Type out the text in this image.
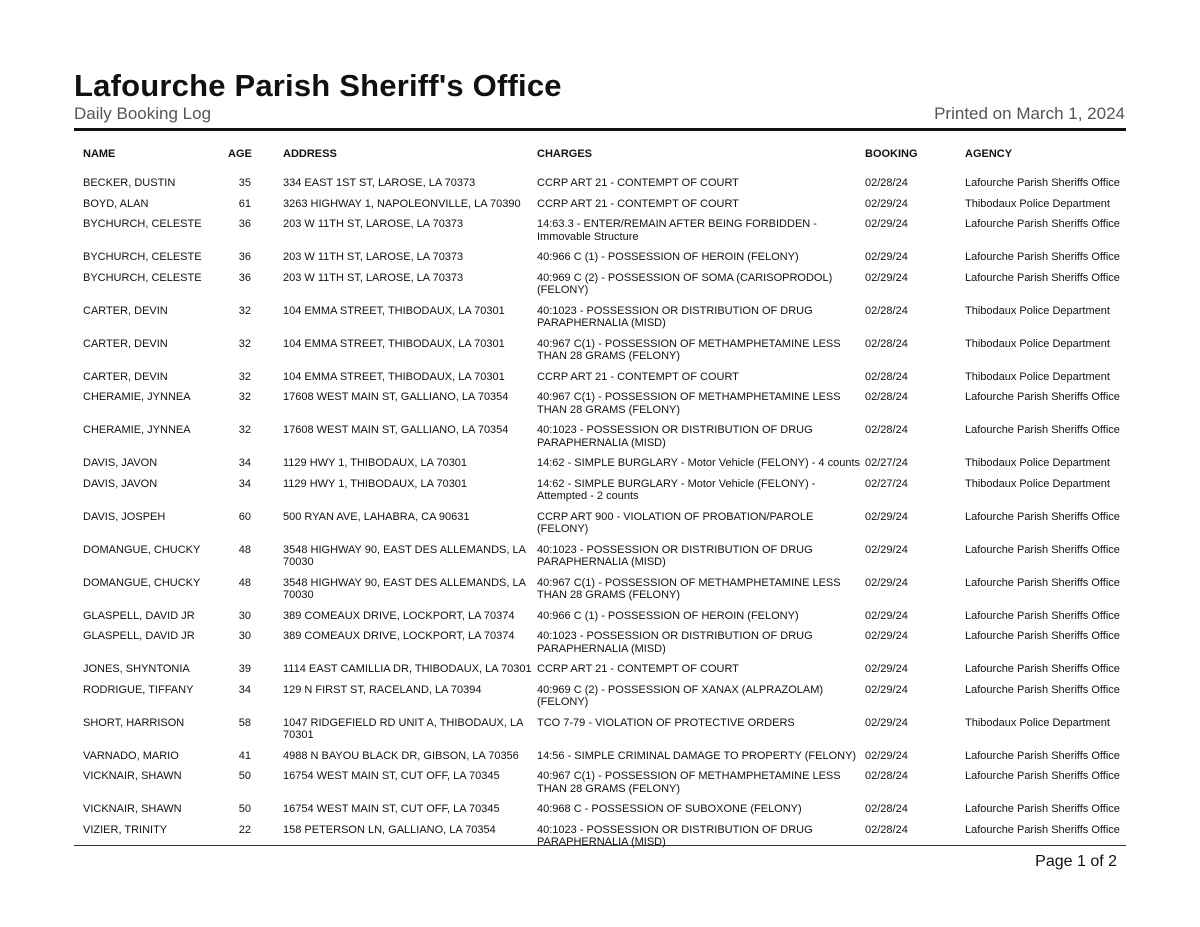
Lafourche Parish Sheriff's Office
Daily Booking Log	Printed on March 1, 2024
NAME	AGE	ADDRESS	CHARGES	BOOKING	AGENCY
BECKER, DUSTIN	35	334 EAST 1ST ST, LAROSE, LA 70373	CCRP ART 21 - CONTEMPT OF COURT	02/28/24	Lafourche Parish Sheriffs Office
BOYD, ALAN	61	3263 HIGHWAY 1, NAPOLEONVILLE, LA 70390	CCRP ART 21 - CONTEMPT OF COURT	02/29/24	Thibodaux Police Department
BYCHURCH, CELESTE	36	203 W 11TH ST, LAROSE, LA 70373	14:63.3 - ENTER/REMAIN AFTER BEING FORBIDDEN - Immovable Structure	02/29/24	Lafourche Parish Sheriffs Office
BYCHURCH, CELESTE	36	203 W 11TH ST, LAROSE, LA 70373	40:966 C (1) - POSSESSION OF HEROIN (FELONY)	02/29/24	Lafourche Parish Sheriffs Office
BYCHURCH, CELESTE	36	203 W 11TH ST, LAROSE, LA 70373	40:969 C (2) - POSSESSION OF SOMA (CARISOPRODOL) (FELONY)	02/29/24	Lafourche Parish Sheriffs Office
CARTER, DEVIN	32	104 EMMA STREET, THIBODAUX, LA 70301	40:1023 - POSSESSION OR DISTRIBUTION OF DRUG PARAPHERNALIA (MISD)	02/28/24	Thibodaux Police Department
CARTER, DEVIN	32	104 EMMA STREET, THIBODAUX, LA 70301	40:967 C(1) - POSSESSION OF METHAMPHETAMINE LESS THAN 28 GRAMS (FELONY)	02/28/24	Thibodaux Police Department
CARTER, DEVIN	32	104 EMMA STREET, THIBODAUX, LA 70301	CCRP ART 21 - CONTEMPT OF COURT	02/28/24	Thibodaux Police Department
CHERAMIE, JYNNEA	32	17608 WEST MAIN ST, GALLIANO, LA 70354	40:967 C(1) - POSSESSION OF METHAMPHETAMINE LESS THAN 28 GRAMS (FELONY)	02/28/24	Lafourche Parish Sheriffs Office
CHERAMIE, JYNNEA	32	17608 WEST MAIN ST, GALLIANO, LA 70354	40:1023 - POSSESSION OR DISTRIBUTION OF DRUG PARAPHERNALIA (MISD)	02/28/24	Lafourche Parish Sheriffs Office
DAVIS, JAVON	34	1129 HWY 1, THIBODAUX, LA 70301	14:62 - SIMPLE BURGLARY - Motor Vehicle (FELONY) - 4 counts	02/27/24	Thibodaux Police Department
DAVIS, JAVON	34	1129 HWY 1, THIBODAUX, LA 70301	14:62 - SIMPLE BURGLARY - Motor Vehicle (FELONY) - Attempted - 2 counts	02/27/24	Thibodaux Police Department
DAVIS, JOSPEH	60	500 RYAN AVE, LAHABRA, CA 90631	CCRP ART 900 - VIOLATION OF PROBATION/PAROLE (FELONY)	02/29/24	Lafourche Parish Sheriffs Office
DOMANGUE, CHUCKY	48	3548 HIGHWAY 90, EAST DES ALLEMANDS, LA 70030	40:1023 - POSSESSION OR DISTRIBUTION OF DRUG PARAPHERNALIA (MISD)	02/29/24	Lafourche Parish Sheriffs Office
DOMANGUE, CHUCKY	48	3548 HIGHWAY 90, EAST DES ALLEMANDS, LA 70030	40:967 C(1) - POSSESSION OF METHAMPHETAMINE LESS THAN 28 GRAMS (FELONY)	02/29/24	Lafourche Parish Sheriffs Office
GLASPELL, DAVID JR	30	389 COMEAUX DRIVE, LOCKPORT, LA 70374	40:966 C (1) - POSSESSION OF HEROIN (FELONY)	02/29/24	Lafourche Parish Sheriffs Office
GLASPELL, DAVID JR	30	389 COMEAUX DRIVE, LOCKPORT, LA 70374	40:1023 - POSSESSION OR DISTRIBUTION OF DRUG PARAPHERNALIA (MISD)	02/29/24	Lafourche Parish Sheriffs Office
JONES, SHYNTONIA	39	1114 EAST CAMILLIA DR, THIBODAUX, LA 70301	CCRP ART 21 - CONTEMPT OF COURT	02/29/24	Lafourche Parish Sheriffs Office
RODRIGUE, TIFFANY	34	129 N FIRST ST, RACELAND, LA 70394	40:969 C (2) - POSSESSION OF XANAX (ALPRAZOLAM) (FELONY)	02/29/24	Lafourche Parish Sheriffs Office
SHORT, HARRISON	58	1047 RIDGEFIELD RD UNIT A, THIBODAUX, LA 70301	TCO 7-79 - VIOLATION OF PROTECTIVE ORDERS	02/29/24	Thibodaux Police Department
VARNADO, MARIO	41	4988 N BAYOU BLACK DR, GIBSON, LA 70356	14:56 - SIMPLE CRIMINAL DAMAGE TO PROPERTY (FELONY)	02/29/24	Lafourche Parish Sheriffs Office
VICKNAIR, SHAWN	50	16754 WEST MAIN ST, CUT OFF, LA 70345	40:967 C(1) - POSSESSION OF METHAMPHETAMINE LESS THAN 28 GRAMS (FELONY)	02/28/24	Lafourche Parish Sheriffs Office
VICKNAIR, SHAWN	50	16754 WEST MAIN ST, CUT OFF, LA 70345	40:968 C - POSSESSION OF SUBOXONE (FELONY)	02/28/24	Lafourche Parish Sheriffs Office
VIZIER, TRINITY	22	158 PETERSON LN, GALLIANO, LA 70354	40:1023 - POSSESSION OR DISTRIBUTION OF DRUG PARAPHERNALIA (MISD)	02/28/24	Lafourche Parish Sheriffs Office
Page 1 of 2
